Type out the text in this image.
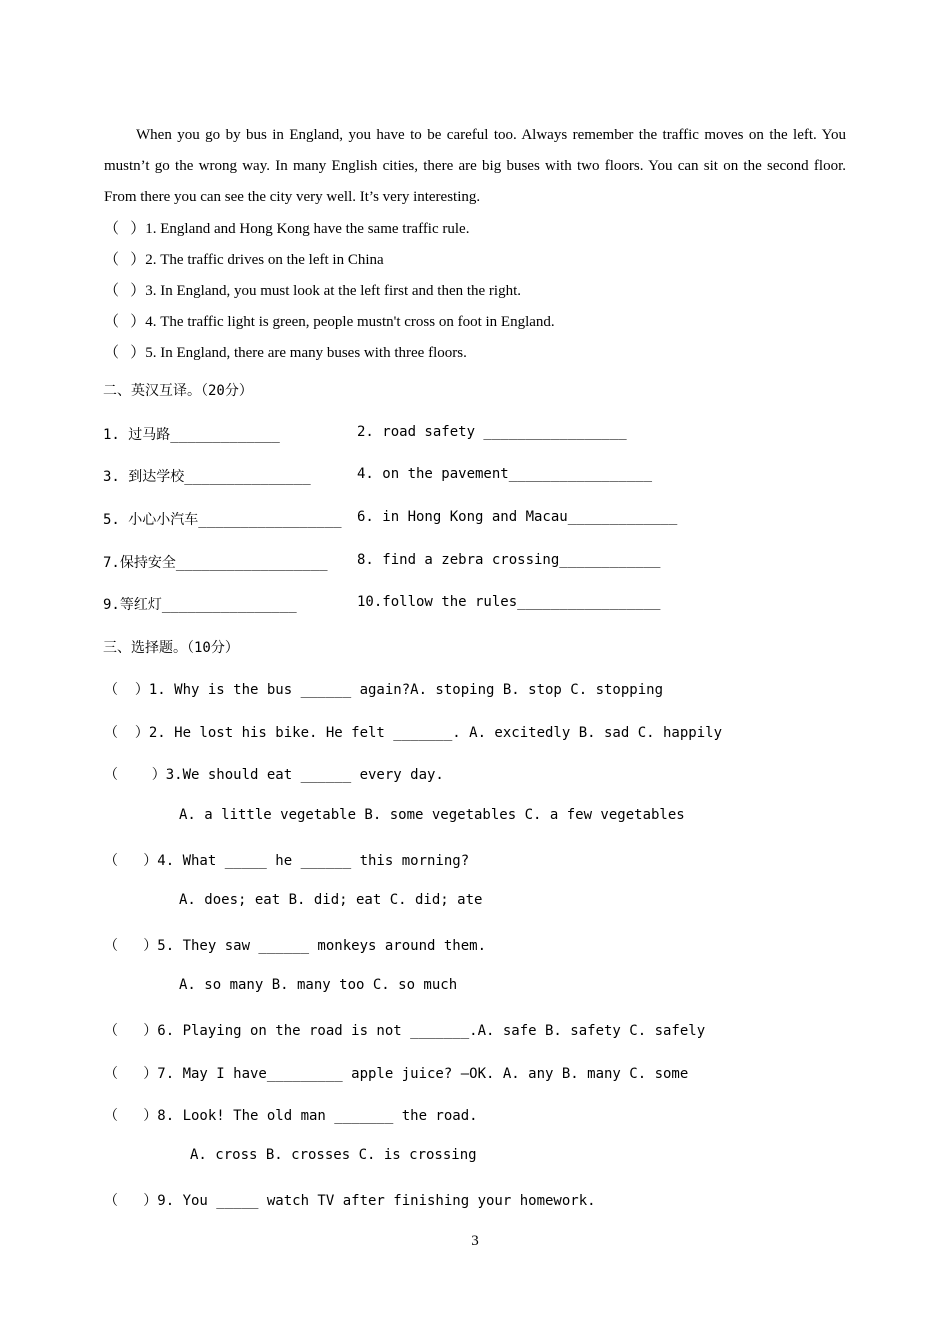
When you go by bus in England, you have to be careful too. Always remember the traffic moves on the left. You mustn’t go the wrong way. In many English cities, there are big buses with two floors. You can sit on the second floor. From there you can see the city very well. It’s very interesting.
（   ）1. England and Hong Kong have the same traffic rule.
（   ）2. The traffic drives on the left in China
（   ）3. In England, you must look at the left first and then the right.
（   ）4. The traffic light is green, people mustn't cross on foot in England.
（   ）5. In England, there are many buses with three floors.
二、英汉互译。（20分）
1. 过马路_____________	2. road safety _________________
3. 到达学校_______________	4. on the pavement_________________
5. 小心小汽车_________________ 6. in Hong Kong and Macau_____________
7.保持安全__________________ 8. find a zebra crossing____________
9.等红灯________________	10.follow the rules_________________
三、选择题。（10分）
（  ）1. Why is the bus ______ again?A. stoping B. stop C. stopping
（  ）2. He lost his bike. He felt _______. A. excitedly B. sad C. happily
（    ）3.We should eat ______ every day.
A. a little vegetable B. some vegetables C. a few vegetables
（   ）4. What _____ he ______ this morning?
A. does; eat B. did; eat C. did; ate
（   ）5. They saw ______ monkeys around them.
A. so many B. many too C. so much
（   ）6. Playing on the road is not _______.A. safe B. safety C. safely
（   ）7. May I have_________ apple juice? —OK. A. any B. many C. some
（   ）8. Look! The old man _______ the road.
A. cross B. crosses C. is crossing
（   ）9. You _____ watch TV after finishing your homework.
3
